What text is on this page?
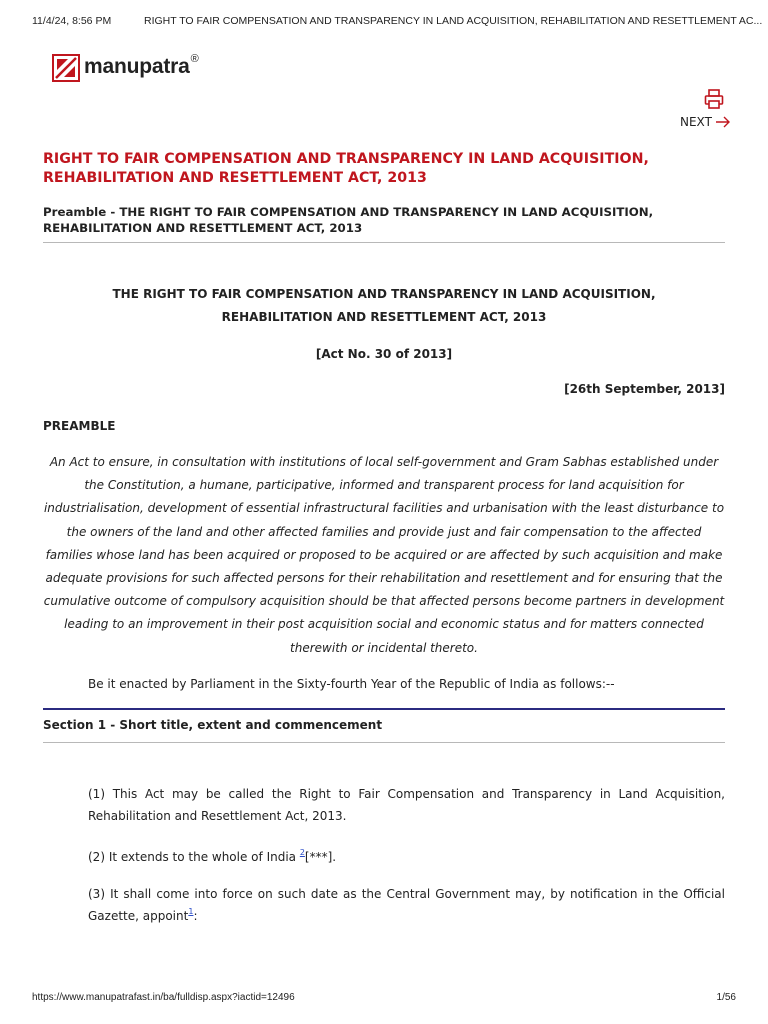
11/4/24, 8:56 PM	RIGHT TO FAIR COMPENSATION AND TRANSPARENCY IN LAND ACQUISITION, REHABILITATION AND RESETTLEMENT AC...
manupatra ®
NEXT
RIGHT TO FAIR COMPENSATION AND TRANSPARENCY IN LAND ACQUISITION,
REHABILITATION AND RESETTLEMENT ACT, 2013
Preamble - THE RIGHT TO FAIR COMPENSATION AND TRANSPARENCY IN LAND ACQUISITION,
REHABILITATION AND RESETTLEMENT ACT, 2013

THE RIGHT TO FAIR COMPENSATION AND TRANSPARENCY IN LAND ACQUISITION,

REHABILITATION AND RESETTLEMENT ACT, 2013

[Act No. 30 of 2013]

[26th September, 2013]

PREAMBLE

An Act to ensure, in consultation with institutions of local self-government and Gram Sabhas established under the Constitution, a humane, participative, informed and transparent process for land acquisition for industrialisation, development of essential infrastructural facilities and urbanisation with the least disturbance to the owners of the land and other affected families and provide just and fair compensation to the affected families whose land has been acquired or proposed to be acquired or are affected by such acquisition and make adequate provisions for such affected persons for their rehabilitation and resettlement and for ensuring that the cumulative outcome of compulsory acquisition should be that affected persons become partners in development leading to an improvement in their post acquisition social and economic status and for matters connected therewith or incidental thereto.

Be it enacted by Parliament in the Sixty-fourth Year of the Republic of India as follows:--

Section 1 - Short title, extent and commencement

(1) This Act may be called the Right to Fair Compensation and Transparency in Land Acquisition, Rehabilitation and Resettlement Act, 2013.

(2) It extends to the whole of India $^2$[***].

(3) It shall come into force on such date as the Central Government may, by notification in the Official Gazette, appoint$^1$:

https://www.manupatrafast.in/ba/fulldisp.aspx?iactid=12496	1/56
